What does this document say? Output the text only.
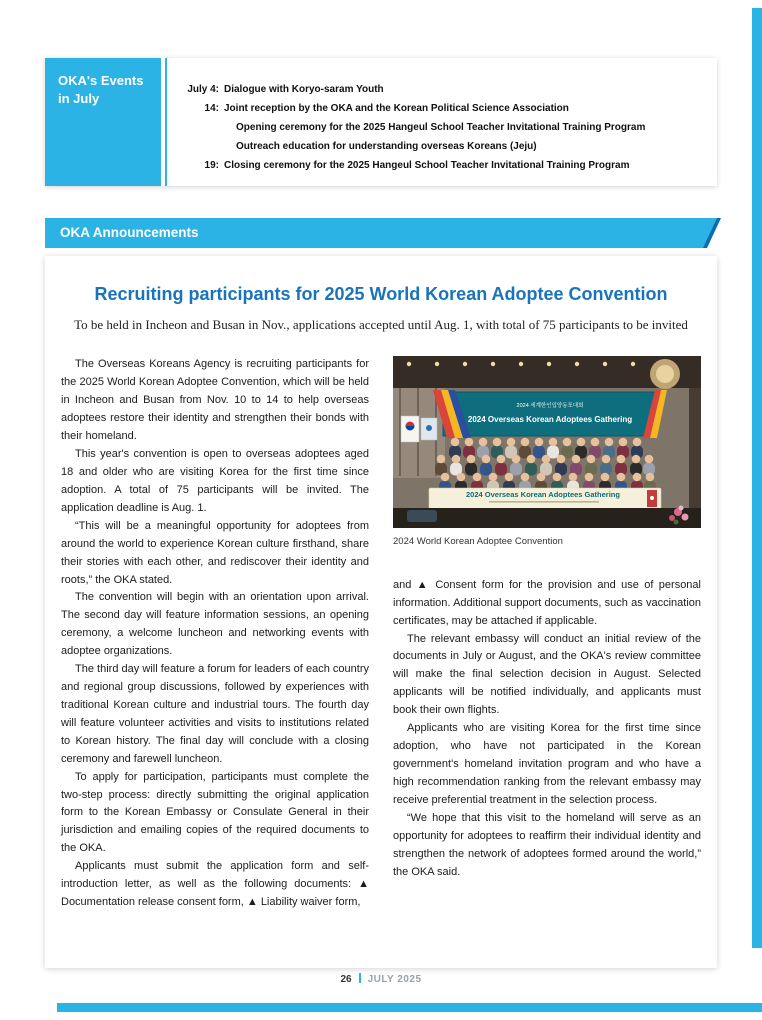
OKA's Events
in July
July 4: Dialogue with Koryo-saram Youth
14: Joint reception by the OKA and the Korean Political Science Association
Opening ceremony for the 2025 Hangeul School Teacher Invitational Training Program
Outreach education for understanding overseas Koreans (Jeju)
19: Closing ceremony for the 2025 Hangeul School Teacher Invitational Training Program
OKA Announcements
Recruiting participants for 2025 World Korean Adoptee Convention

To be held in Incheon and Busan in Nov., applications accepted until Aug. 1, with total of 75 participants to be invited

The Overseas Koreans Agency is recruiting participants for the 2025 World Korean Adoptee Convention, which will be held in Incheon and Busan from Nov. 10 to 14 to help overseas adoptees restore their identity and strengthen their bonds with their homeland.

This year's convention is open to overseas adoptees aged 18 and older who are visiting Korea for the first time since adoption. A total of 75 participants will be invited. The application deadline is Aug. 1.

“This will be a meaningful opportunity for adoptees from around the world to experience Korean culture firsthand, share their stories with each other, and rediscover their identity and roots,” the OKA stated.

The convention will begin with an orientation upon arrival. The second day will feature information sessions, an opening ceremony, a welcome luncheon and networking events with adoptee organizations.

The third day will feature a forum for leaders of each country and regional group discussions, followed by experiences with traditional Korean culture and industrial tours. The fourth day will feature volunteer activities and visits to institutions related to Korean history. The final day will conclude with a closing ceremony and farewell luncheon.

To apply for participation, participants must complete the two-step process: directly submitting the original application form to the Korean Embassy or Consulate General in their jurisdiction and emailing copies of the required documents to the OKA.

Applicants must submit the application form and self-introduction letter, as well as the following documents: ▲ Documentation release consent form, ▲ Liability waiver form,

2024 세계한인입양동포대회
2024 Overseas Korean Adoptees Gathering
2024 Overseas Korean Adoptees Gathering
2024 World Korean Adoptee Convention

and ▲ Consent form for the provision and use of personal information. Additional support documents, such as vaccination certificates, may be attached if applicable.

The relevant embassy will conduct an initial review of the documents in July or August, and the OKA's review committee will make the final selection decision in August. Selected applicants will be notified individually, and applicants must book their own flights.

Applicants who are visiting Korea for the first time since adoption, who have not participated in the Korean government's homeland invitation program and who have a high recommendation ranking from the relevant embassy may receive preferential treatment in the selection process.

“We hope that this visit to the homeland will serve as an opportunity for adoptees to reaffirm their individual identity and strengthen the network of adoptees formed around the world,” the OKA said.

26 JULY 2025
